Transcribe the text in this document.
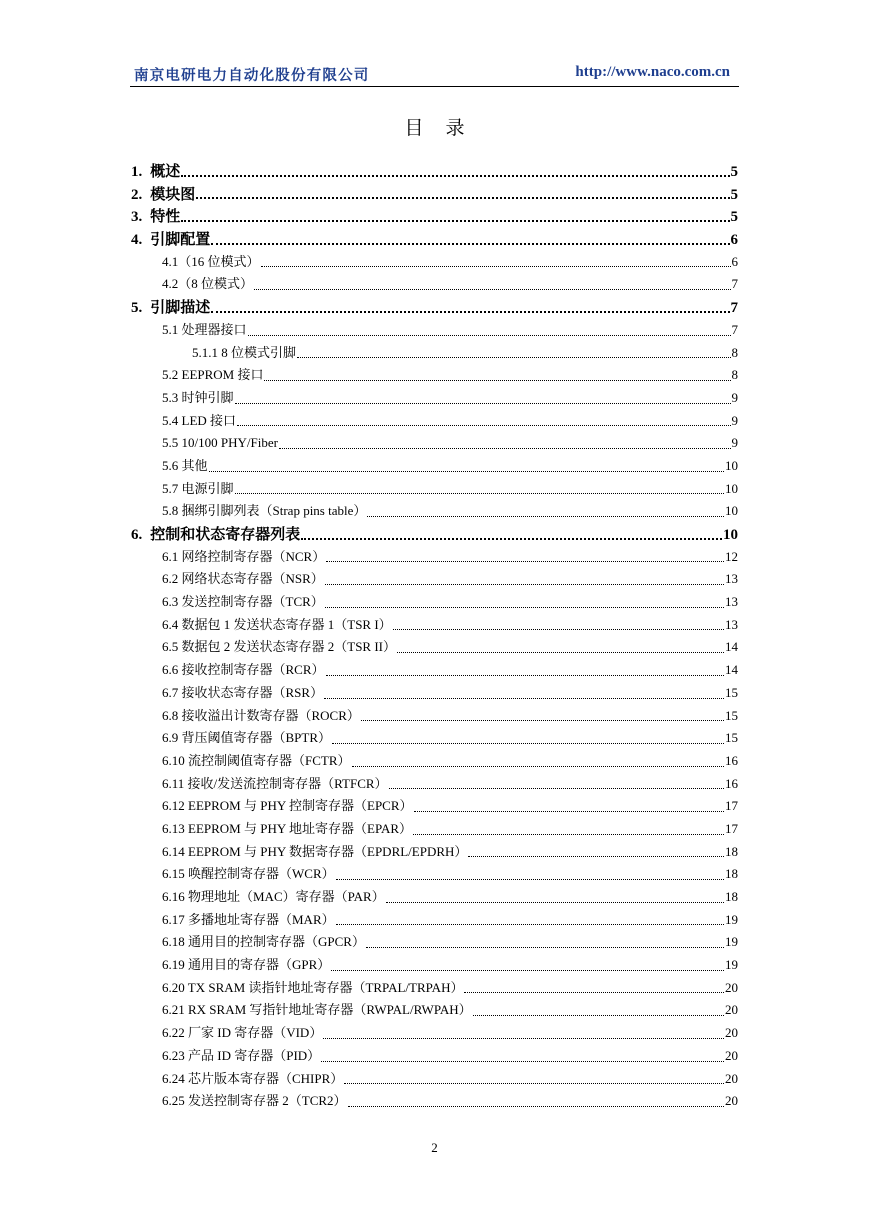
南京电研电力自动化股份有限公司	http://www.naco.com.cn
目 录
1. 概述	5
2. 模块图	5
3. 特性	5
4. 引脚配置	6
4.1（16 位模式）	6
4.2（8 位模式）	7
5. 引脚描述	7
5.1 处理器接口	7
5.1.1 8 位模式引脚	8
5.2 EEPROM 接口	8
5.3 时钟引脚	9
5.4 LED 接口	9
5.5 10/100 PHY/Fiber	9
5.6 其他	10
5.7 电源引脚	10
5.8 捆绑引脚列表（Strap pins table）	10
6. 控制和状态寄存器列表	10
6.1 网络控制寄存器（NCR）	12
6.2 网络状态寄存器（NSR）	13
6.3 发送控制寄存器（TCR）	13
6.4 数据包 1 发送状态寄存器 1（TSR I）	13
6.5 数据包 2 发送状态寄存器 2（TSR II）	14
6.6 接收控制寄存器（RCR）	14
6.7 接收状态寄存器（RSR）	15
6.8 接收溢出计数寄存器（ROCR）	15
6.9 背压阈值寄存器（BPTR）	15
6.10 流控制阈值寄存器（FCTR）	16
6.11 接收/发送流控制寄存器（RTFCR）	16
6.12 EEPROM 与 PHY 控制寄存器（EPCR）	17
6.13 EEPROM 与 PHY 地址寄存器（EPAR）	17
6.14 EEPROM 与 PHY 数据寄存器（EPDRL/EPDRH）	18
6.15 唤醒控制寄存器（WCR）	18
6.16 物理地址（MAC）寄存器（PAR）	18
6.17 多播地址寄存器（MAR）	19
6.18 通用目的控制寄存器（GPCR）	19
6.19 通用目的寄存器（GPR）	19
6.20 TX SRAM 读指针地址寄存器（TRPAL/TRPAH）	20
6.21 RX SRAM 写指针地址寄存器（RWPAL/RWPAH）	20
6.22 厂家 ID 寄存器（VID）	20
6.23 产品 ID 寄存器（PID）	20
6.24 芯片版本寄存器（CHIPR）	20
6.25 发送控制寄存器 2（TCR2）	20
2
